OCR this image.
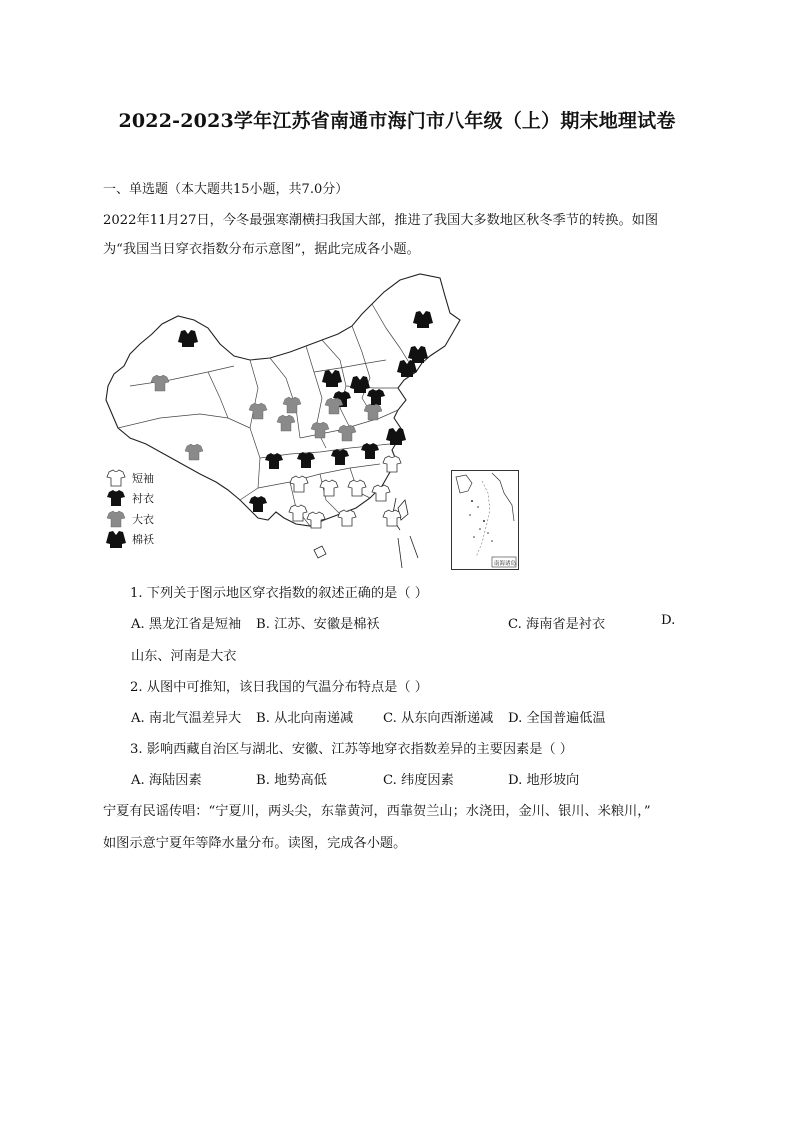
2022-2023学年江苏省南通市海门市八年级（上）期末地理试卷
一、单选题（本大题共15小题，共7.0分）
2022年11月27日，今冬最强寒潮横扫我国大部，推进了我国大多数地区秋冬季节的转换。如图
为“我国当日穿衣指数分布示意图”，据此完成各小题。
短袖
衬衣
大衣
棉袄
南海诸岛
1. 下列关于图示地区穿衣指数的叙述正确的是（ ）
A. 黑龙江省是短袖 B. 江苏、安徽是棉袄	C. 海南省是衬衣	D.
山东、河南是大衣
2. 从图中可推知，该日我国的气温分布特点是（ ）
A. 南北气温差异大 B. 从北向南递减 C. 从东向西渐递减 D. 全国普遍低温
3. 影响西藏自治区与湖北、安徽、江苏等地穿衣指数差异的主要因素是（ ）
A. 海陆因素	B. 地势高低	C. 纬度因素	D. 地形坡向
宁夏有民谣传唱：“宁夏川，两头尖，东靠黄河，西靠贺兰山；水浇田，金川、银川、米粮川，”
如图示意宁夏年等降水量分布。读图，完成各小题。
